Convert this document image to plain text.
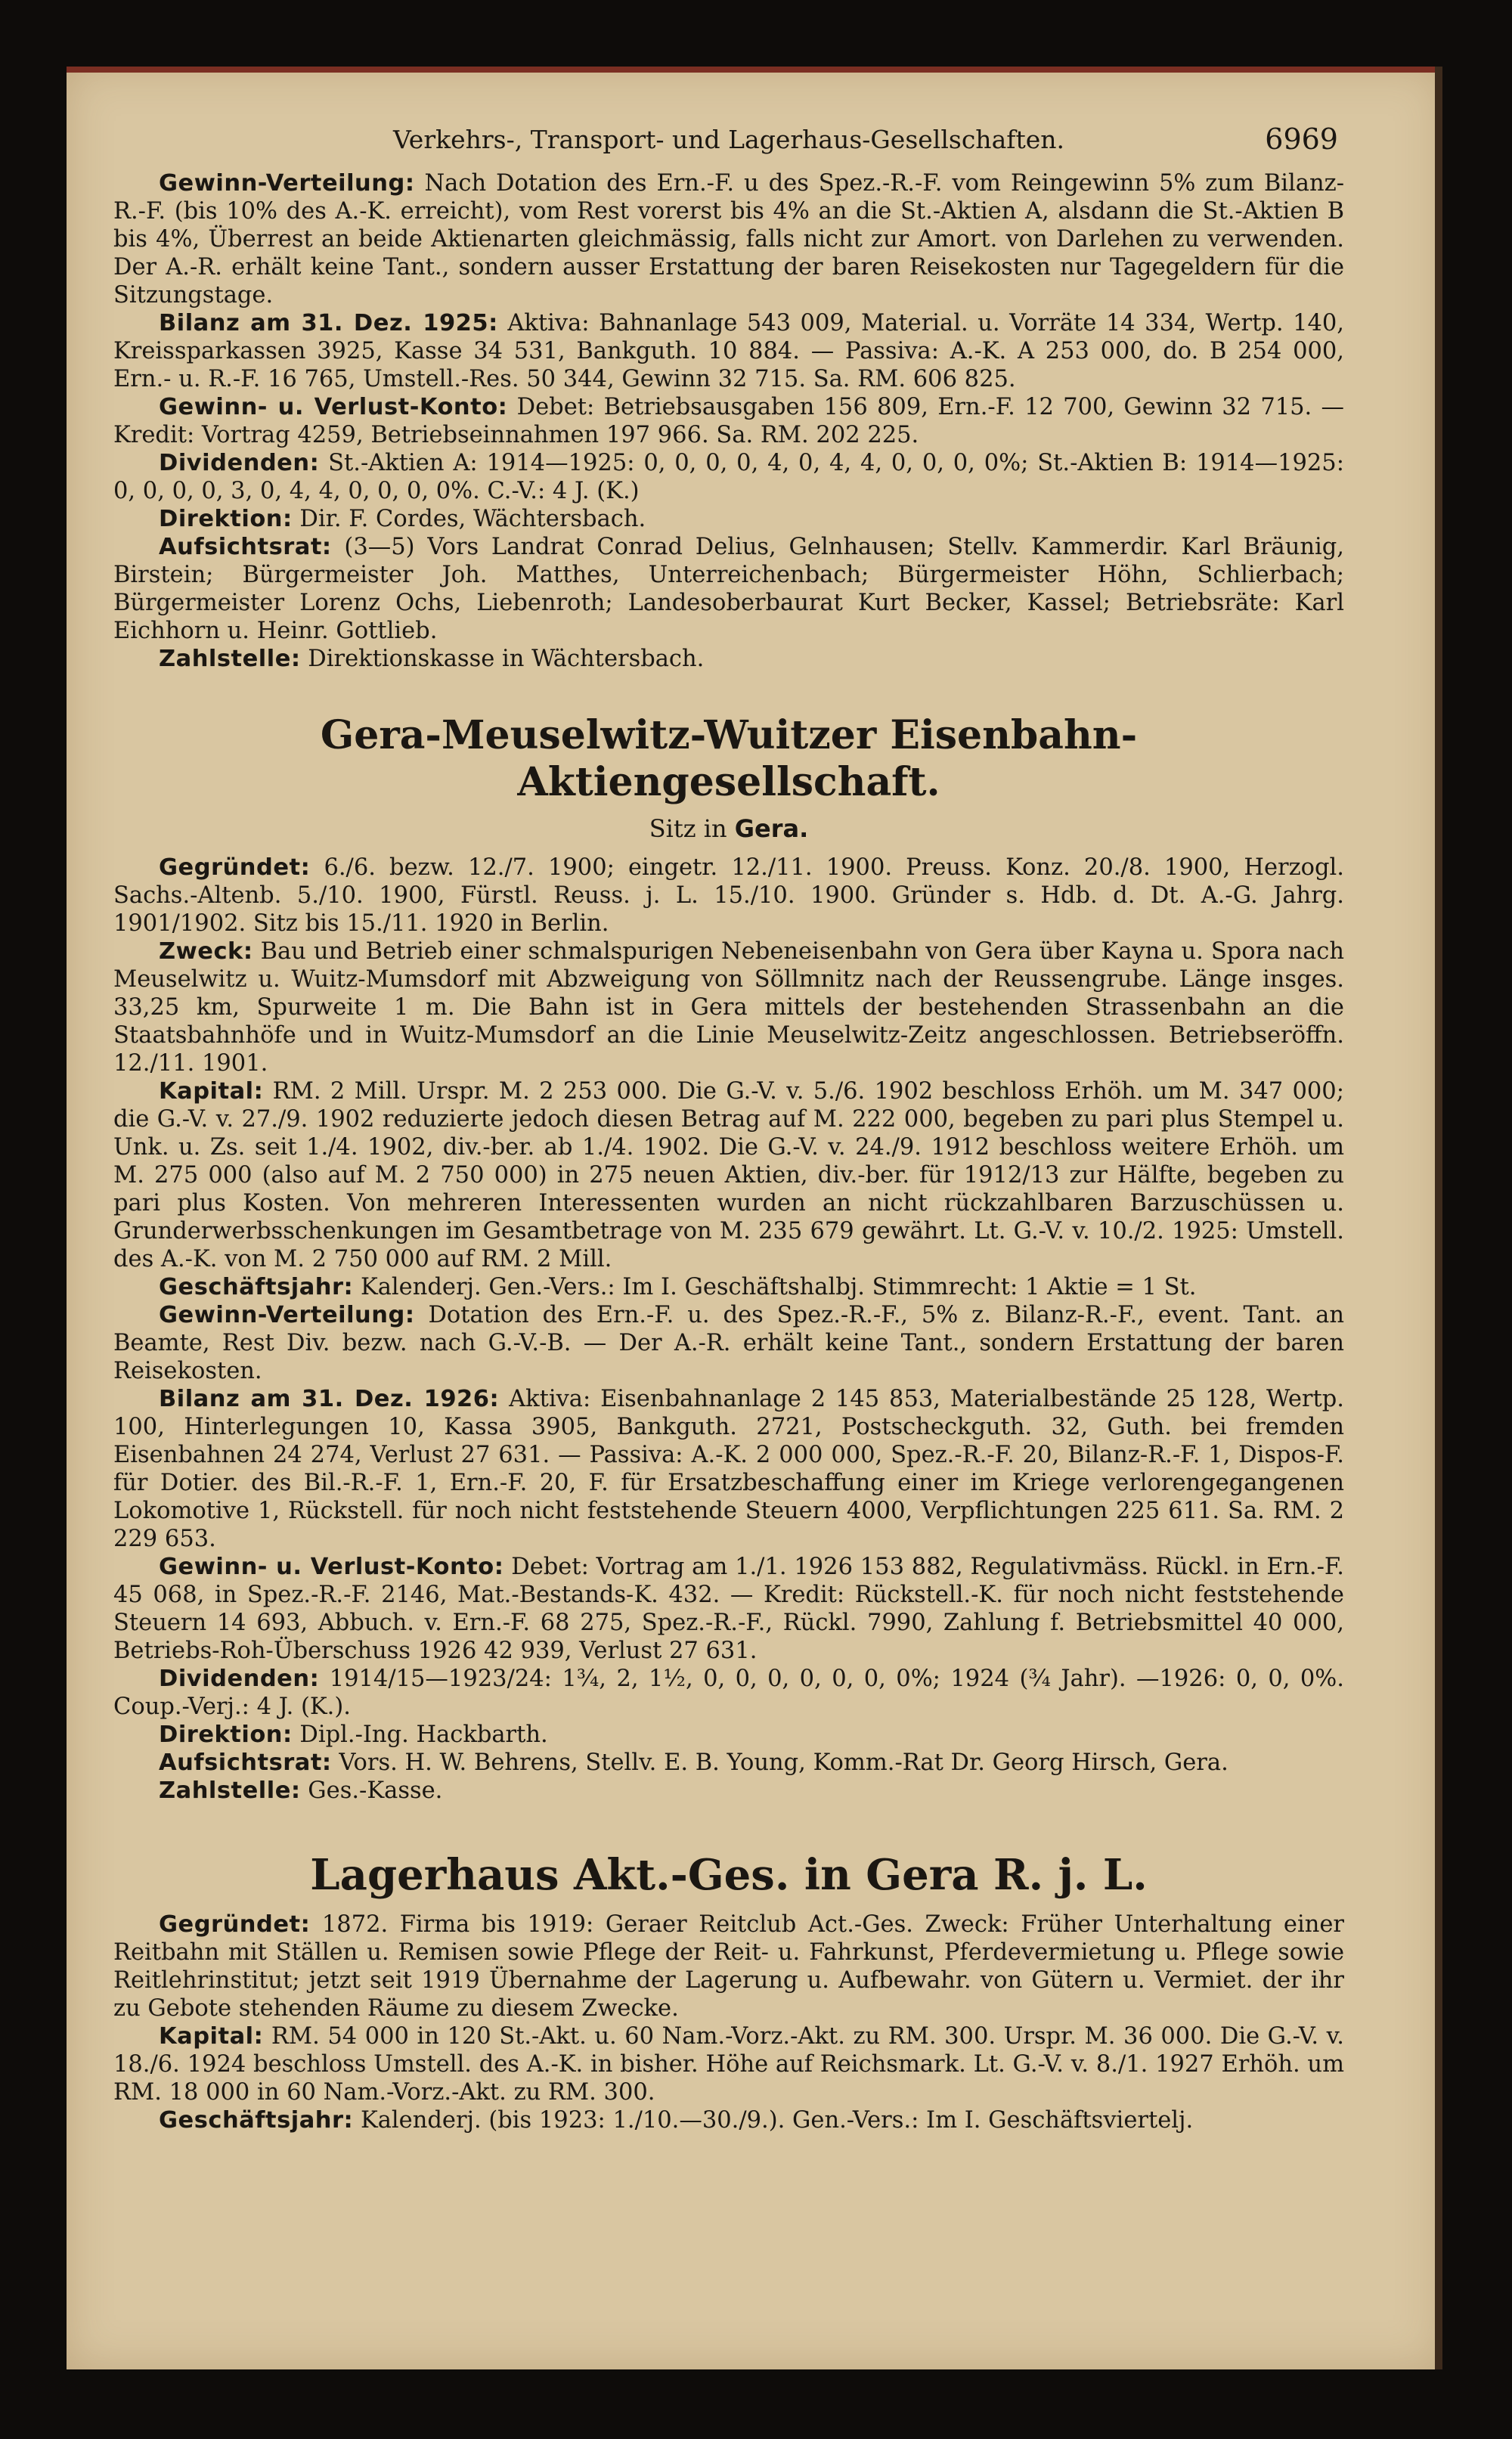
Verkehrs-, Transport- und Lagerhaus-Gesellschaften.	6969

Gewinn-Verteilung: Nach Dotation des Ern.-F. u des Spez.-R.-F. vom Reingewinn 5% zum Bilanz-R.-F. (bis 10% des A.-K. erreicht), vom Rest vorerst bis 4% an die St.-Aktien A, alsdann die St.-Aktien B bis 4%, Überrest an beide Aktienarten gleichmässig, falls nicht zur Amort. von Darlehen zu verwenden. Der A.-R. erhält keine Tant., sondern ausser Erstattung der baren Reisekosten nur Tagegeldern für die Sitzungstage.

Bilanz am 31. Dez. 1925: Aktiva: Bahnanlage 543 009, Material. u. Vorräte 14 334, Wertp. 140, Kreissparkassen 3925, Kasse 34 531, Bankguth. 10 884. — Passiva: A.-K. A 253 000, do. B 254 000, Ern.- u. R.-F. 16 765, Umstell.-Res. 50 344, Gewinn 32 715. Sa. RM. 606 825.

Gewinn- u. Verlust-Konto: Debet: Betriebsausgaben 156 809, Ern.-F. 12 700, Gewinn 32 715. — Kredit: Vortrag 4259, Betriebseinnahmen 197 966. Sa. RM. 202 225.

Dividenden: St.-Aktien A: 1914—1925: 0, 0, 0, 0, 4, 0, 4, 4, 0, 0, 0, 0%; St.-Aktien B: 1914—1925: 0, 0, 0, 0, 3, 0, 4, 4, 0, 0, 0, 0%. C.-V.: 4 J. (K.)

Direktion: Dir. F. Cordes, Wächtersbach.

Aufsichtsrat: (3—5) Vors Landrat Conrad Delius, Gelnhausen; Stellv. Kammerdir. Karl Bräunig, Birstein; Bürgermeister Joh. Matthes, Unterreichenbach; Bürgermeister Höhn, Schlierbach; Bürgermeister Lorenz Ochs, Liebenroth; Landesoberbaurat Kurt Becker, Kassel; Betriebsräte: Karl Eichhorn u. Heinr. Gottlieb.

Zahlstelle: Direktionskasse in Wächtersbach.

Gera-Meuselwitz-Wuitzer Eisenbahn-Aktiengesellschaft.
Sitz in Gera.

Gegründet: 6./6. bezw. 12./7. 1900; eingetr. 12./11. 1900. Preuss. Konz. 20./8. 1900, Herzogl. Sachs.-Altenb. 5./10. 1900, Fürstl. Reuss. j. L. 15./10. 1900. Gründer s. Hdb. d. Dt. A.-G. Jahrg. 1901/1902. Sitz bis 15./11. 1920 in Berlin.

Zweck: Bau und Betrieb einer schmalspurigen Nebeneisenbahn von Gera über Kayna u. Spora nach Meuselwitz u. Wuitz-Mumsdorf mit Abzweigung von Söllmnitz nach der Reussengrube. Länge insges. 33,25 km, Spurweite 1 m. Die Bahn ist in Gera mittels der bestehenden Strassenbahn an die Staatsbahnhöfe und in Wuitz-Mumsdorf an die Linie Meuselwitz-Zeitz angeschlossen. Betriebseröffn. 12./11. 1901.

Kapital: RM. 2 Mill. Urspr. M. 2 253 000. Die G.-V. v. 5./6. 1902 beschloss Erhöh. um M. 347 000; die G.-V. v. 27./9. 1902 reduzierte jedoch diesen Betrag auf M. 222 000, begeben zu pari plus Stempel u. Unk. u. Zs. seit 1./4. 1902, div.-ber. ab 1./4. 1902. Die G.-V. v. 24./9. 1912 beschloss weitere Erhöh. um M. 275 000 (also auf M. 2 750 000) in 275 neuen Aktien, div.-ber. für 1912/13 zur Hälfte, begeben zu pari plus Kosten. Von mehreren Interessenten wurden an nicht rückzahlbaren Barzuschüssen u. Grunderwerbsschenkungen im Gesamtbetrage von M. 235 679 gewährt. Lt. G.-V. v. 10./2. 1925: Umstell. des A.-K. von M. 2 750 000 auf RM. 2 Mill.

Geschäftsjahr: Kalenderj. Gen.-Vers.: Im I. Geschäftshalbj. Stimmrecht: 1 Aktie = 1 St.

Gewinn-Verteilung: Dotation des Ern.-F. u. des Spez.-R.-F., 5% z. Bilanz-R.-F., event. Tant. an Beamte, Rest Div. bezw. nach G.-V.-B. — Der A.-R. erhält keine Tant., sondern Erstattung der baren Reisekosten.

Bilanz am 31. Dez. 1926: Aktiva: Eisenbahnanlage 2 145 853, Materialbestände 25 128, Wertp. 100, Hinterlegungen 10, Kassa 3905, Bankguth. 2721, Postscheckguth. 32, Guth. bei fremden Eisenbahnen 24 274, Verlust 27 631. — Passiva: A.-K. 2 000 000, Spez.-R.-F. 20, Bilanz-R.-F. 1, Dispos-F. für Dotier. des Bil.-R.-F. 1, Ern.-F. 20, F. für Ersatzbeschaffung einer im Kriege verlorengegangenen Lokomotive 1, Rückstell. für noch nicht feststehende Steuern 4000, Verpflichtungen 225 611. Sa. RM. 2 229 653.

Gewinn- u. Verlust-Konto: Debet: Vortrag am 1./1. 1926 153 882, Regulativmäss. Rückl. in Ern.-F. 45 068, in Spez.-R.-F. 2146, Mat.-Bestands-K. 432. — Kredit: Rückstell.-K. für noch nicht feststehende Steuern 14 693, Abbuch. v. Ern.-F. 68 275, Spez.-R.-F., Rückl. 7990, Zahlung f. Betriebsmittel 40 000, Betriebs-Roh-Überschuss 1926 42 939, Verlust 27 631.

Dividenden: 1914/15—1923/24: 1¾, 2, 1½, 0, 0, 0, 0, 0, 0, 0%; 1924 (¾ Jahr). —1926: 0, 0, 0%. Coup.-Verj.: 4 J. (K.).

Direktion: Dipl.-Ing. Hackbarth.

Aufsichtsrat: Vors. H. W. Behrens, Stellv. E. B. Young, Komm.-Rat Dr. Georg Hirsch, Gera.

Zahlstelle: Ges.-Kasse.

Lagerhaus Akt.-Ges. in Gera R. j. L.

Gegründet: 1872. Firma bis 1919: Geraer Reitclub Act.-Ges. Zweck: Früher Unterhaltung einer Reitbahn mit Ställen u. Remisen sowie Pflege der Reit- u. Fahrkunst, Pferdevermietung u. Pflege sowie Reitlehrinstitut; jetzt seit 1919 Übernahme der Lagerung u. Aufbewahr. von Gütern u. Vermiet. der ihr zu Gebote stehenden Räume zu diesem Zwecke.

Kapital: RM. 54 000 in 120 St.-Akt. u. 60 Nam.-Vorz.-Akt. zu RM. 300. Urspr. M. 36 000. Die G.-V. v. 18./6. 1924 beschloss Umstell. des A.-K. in bisher. Höhe auf Reichsmark. Lt. G.-V. v. 8./1. 1927 Erhöh. um RM. 18 000 in 60 Nam.-Vorz.-Akt. zu RM. 300.

Geschäftsjahr: Kalenderj. (bis 1923: 1./10.—30./9.). Gen.-Vers.: Im I. Geschäftsviertelj.
